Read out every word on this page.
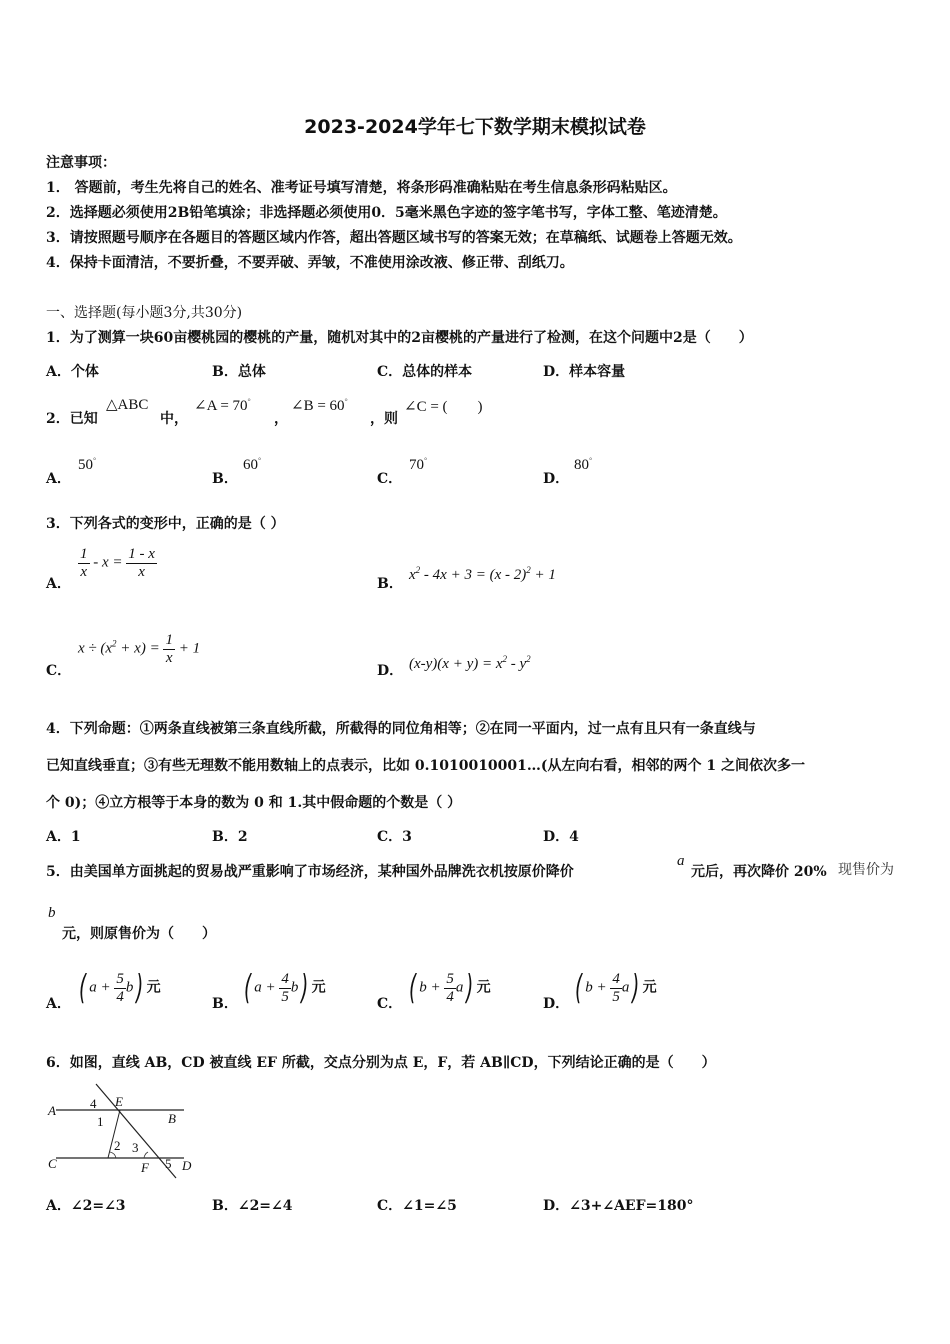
2023-2024学年七下数学期末模拟试卷
注意事项：
1． 答题前，考生先将自己的姓名、准考证号填写清楚，将条形码准确粘贴在考生信息条形码粘贴区。
2．选择题必须使用2B铅笔填涂；非选择题必须使用0．5毫米黑色字迹的签字笔书写，字体工整、笔迹清楚。
3．请按照题号顺序在各题目的答题区域内作答，超出答题区域书写的答案无效；在草稿纸、试题卷上答题无效。
4．保持卡面清洁，不要折叠，不要弄破、弄皱，不准使用涂改液、修正带、刮纸刀。
一、选择题(每小题3分,共30分)
1．为了测算一块60亩樱桃园的樱桃的产量，随机对其中的2亩樱桃的产量进行了检测，在这个问题中2是（　　）
A．个体	B．总体	C．总体的样本	D．样本容量
2．已知
△ABC
中，
∠A = 70°
，
∠B = 60°
，则
∠C = (　　)
A．
50°
B．
60°
C．
70°
D．
80°
3．下列各式的变形中，正确的是（ ）
A．
$\frac{1}{x} - x = \frac{1 - x}{x}$
B．
$x^2 - 4x + 3 = (x - 2)^2 + 1$
C．
$x \div (x^2 + x) = \frac{1}{x} + 1$
D． $(x-y)(x + y) = x^2 - y^2$
4．下列命题：①两条直线被第三条直线所截，所截得的同位角相等；②在同一平面内，过一点有且只有一条直线与
已知直线垂直；③有些无理数不能用数轴上的点表示，比如 0.1010010001…(从左向右看，相邻的两个 1 之间依次多一
个 0)；④立方根等于本身的数为 0 和 1.其中假命题的个数是（ ）
A．1	B．2	C．3	D．4
5．由美国单方面挑起的贸易战严重影响了市场经济，某种国外品牌洗衣机按原价降价
a
元后，再次降价 20% 现售价为
b
元，则原售价为（　　）
A． ( $a + \frac{5}{4} b$) 元
B． ( $a + \frac{4}{5} b$) 元
C． ( $b + \frac{5}{4} a$) 元
D． ( $b + \frac{4}{5} a$) 元
6．如图，直线 AB，CD 被直线 EF 所截，交点分别为点 E，F，若 AB∥CD，下列结论正确的是（　　）
A
B
C	D
E
F
4
1
2 3
5
A．∠2=∠3	B．∠2=∠4	C．∠1=∠5	D．∠3+∠AEF=180°
